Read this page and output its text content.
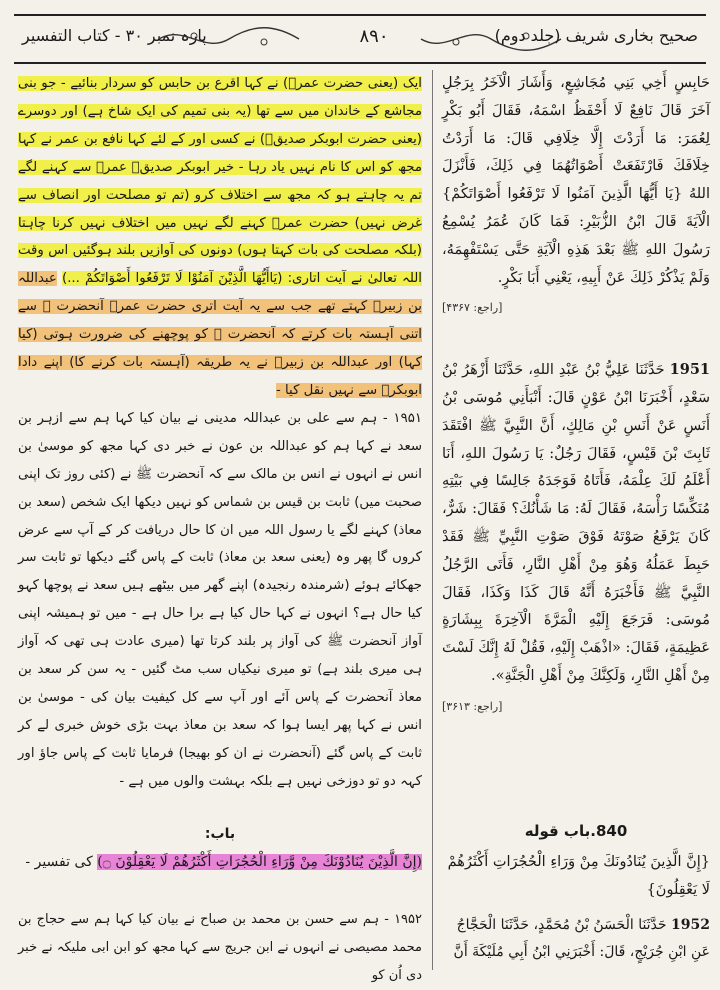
پارہ نمبر ۳۰ - کتاب التفسیر	۸۹۰	صحیح بخاری شریف (جلد دوم)

ایک (یعنی حضرت عمرؓ) نے کہا اقرع بن حابس کو سردار بنائیے - جو بنی مجاشع کے خاندان میں سے تھا (یہ بنی تمیم کی ایک شاخ ہے) اور دوسرے (یعنی حضرت ابوبکر صدیقؓ) نے کسی اور کے لئے کہا نافع بن عمر نے کہا مجھ کو اس کا نام نہیں یاد رہا - خیر ابوبکر صدیقؓ عمرؓ سے کہنے لگے تم یہ چاہتے ہو کہ مجھ سے اختلاف کرو (تم تو مصلحت اور انصاف سے غرض نہیں) حضرت عمرؓ کہنے لگے نہیں میں اختلاف نہیں کرنا چاہتا (بلکہ مصلحت کی بات کہتا ہوں) دونوں کی آوازیں بلند ہوگئیں اس وقت اللہ تعالیٰ نے آیت اتاری: (یَاأَیُّهَا الَّذِیْنَ آمَنُوْا لَا تَرْفَعُوا أَصْوَاتَكُمْ ...) عبداللہ بن زبیرؓ کہتے تھے جب سے یہ آیت اتری حضرت عمرؓ آنحضرت ﷺ سے اتنی آہستہ بات کرتے کہ آنحضرت ﷺ کو پوچھنے کی ضرورت ہوتی (کیا کہا) اور عبداللہ بن زبیرؓ نے یہ طریقہ (آہستہ بات کرنے کا) اپنے دادا ابوبکرؓ سے نہیں نقل کیا -

۱۹۵۱ - ہم سے علی بن عبداللہ مدینی نے بیان کیا کہا ہم سے ازہر بن سعد نے کہا ہم کو عبداللہ بن عون نے خبر دی کہا مجھ کو موسیٰ بن انس نے انہوں نے انس بن مالک سے کہ آنحضرت ﷺ نے (کئی روز تک اپنی صحبت میں) ثابت بن قیس بن شماس کو نہیں دیکھا ایک شخص (سعد بن معاذ) کہنے لگے یا رسول اللہ میں ان کا حال دریافت کر کے آپ سے عرض کروں گا پھر وہ (یعنی سعد بن معاذ) ثابت کے پاس گئے دیکھا تو ثابت سر جھکائے ہوئے (شرمندہ رنجیدہ) اپنے گھر میں بیٹھے ہیں سعد نے پوچھا کہو کیا حال ہے؟ انہوں نے کہا حال کیا ہے برا حال ہے - میں تو ہمیشہ اپنی آواز آنحضرت ﷺ کی آواز پر بلند کرتا تھا (میری عادت ہی تھی کہ آواز ہی میری بلند ہے) تو میری نیکیاں سب مٹ گئیں - یہ سن کر سعد بن معاذ آنحضرت کے پاس آئے اور آپ سے کل کیفیت بیان کی - موسیٰ بن انس نے کہا پھر ایسا ہوا کہ سعد بن معاذ بہت بڑی خوش خبری لے کر ثابت کے پاس گئے (آنحضرت نے ان کو بھیجا) فرمایا ثابت کے پاس جاؤ اور کہہ دو تو دوزخی نہیں ہے بلکہ بہشت والوں میں ہے -

باب:
(إِنَّ الَّذِیْنَ یُنَادُوْنَكَ مِنْ وَّرَاءِ الْحُجُرَاتِ أَكْثَرُهُمْ لَا یَعْقِلُوْنَ ۝) کی تفسیر -
۱۹۵۲ - ہم سے حسن بن محمد بن صباح نے بیان کیا کہا ہم سے حجاج بن محمد مصیصی نے انہوں نے ابن جریج سے کہا مجھ کو ابن ابی ملیکہ نے خبر دی اُن کو

حَابِسٍ أَخِي بَنِي مُجَاشِعٍ، وَأَشَارَ الْآخَرُ بِرَجُلٍ آخَرَ قَالَ نَافِعٌ لَا أَحْفَظُ اسْمَهُ، فَقَالَ أَبُو بَكْرٍ لِعُمَرَ: مَا أَرَدْتَ إِلَّا خِلَافِي قَالَ: مَا أَرَدْتُ خِلَافَكَ فَارْتَفَعَتْ أَصْوَاتُهُمَا فِي ذَلِكَ، فَأَنْزَلَ اللهُ {يَا أَيُّهَا الَّذِينَ آمَنُوا لَا تَرْفَعُوا أَصْوَاتَكُمْ} الْآيَةَ قَالَ ابْنُ الزُّبَيْرِ: فَمَا كَانَ عُمَرُ يُسْمِعُ رَسُولَ اللهِ ﷺ بَعْدَ هَذِهِ الْآيَةِ حَتَّى يَسْتَفْهِمَهُ، وَلَمْ يَذْكُرْ ذَلِكَ عَنْ أَبِيهِ، يَعْنِي أَبَا بَكْرٍ.

[راجع: ۴۳۶۷]

1951 حَدَّثَنَا عَلِيُّ بْنُ عَبْدِ اللهِ، حَدَّثَنَا أَزْهَرُ بْنُ سَعْدٍ، أَخْبَرَنَا ابْنُ عَوْنٍ قَالَ: أَنْبَأَنِي مُوسَى بْنُ أَنَسٍ عَنْ أَنَسِ بْنِ مَالِكٍ، أَنَّ النَّبِيَّ ﷺ افْتَقَدَ ثَابِتَ بْنَ قَيْسٍ، فَقَالَ رَجُلٌ: يَا رَسُولَ اللهِ، أَنَا أَعْلَمُ لَكَ عِلْمَهُ، فَأَتَاهُ فَوَجَدَهُ جَالِسًا فِي بَيْتِهِ مُنَكِّسًا رَأْسَهُ، فَقَالَ لَهُ: مَا شَأْنُكَ؟ فَقَالَ: شَرٌّ، كَانَ يَرْفَعُ صَوْتَهُ فَوْقَ صَوْتِ النَّبِيِّ ﷺ فَقَدْ حَبِطَ عَمَلُهُ وَهُوَ مِنْ أَهْلِ النَّارِ، فَأَتَى الرَّجُلُ النَّبِيَّ ﷺ فَأَخْبَرَهُ أَنَّهُ قَالَ كَذَا وَكَذَا، فَقَالَ مُوسَى: فَرَجَعَ إِلَيْهِ الْمَرَّةَ الْآخِرَةَ بِبِشَارَةٍ عَظِيمَةٍ، فَقَالَ: «اذْهَبْ إِلَيْهِ، فَقُلْ لَهُ إِنَّكَ لَسْتَ مِنْ أَهْلِ النَّارِ، وَلَكِنَّكَ مِنْ أَهْلِ الْجَنَّةِ».

[راجع: ۳۶۱۳]
840.باب قوله
{إِنَّ الَّذِينَ يُنَادُونَكَ مِنْ وَرَاءِ الْحُجُرَاتِ أَكْثَرُهُمْ لَا يَعْقِلُونَ}
1952 حَدَّثَنَا الْحَسَنُ بْنُ مُحَمَّدٍ، حَدَّثَنَا الْحَجَّاجُ عَنِ ابْنِ جُرَيْجٍ، قَالَ: أَخْبَرَنِي ابْنُ أَبِي مُلَيْكَةَ أَنَّ
